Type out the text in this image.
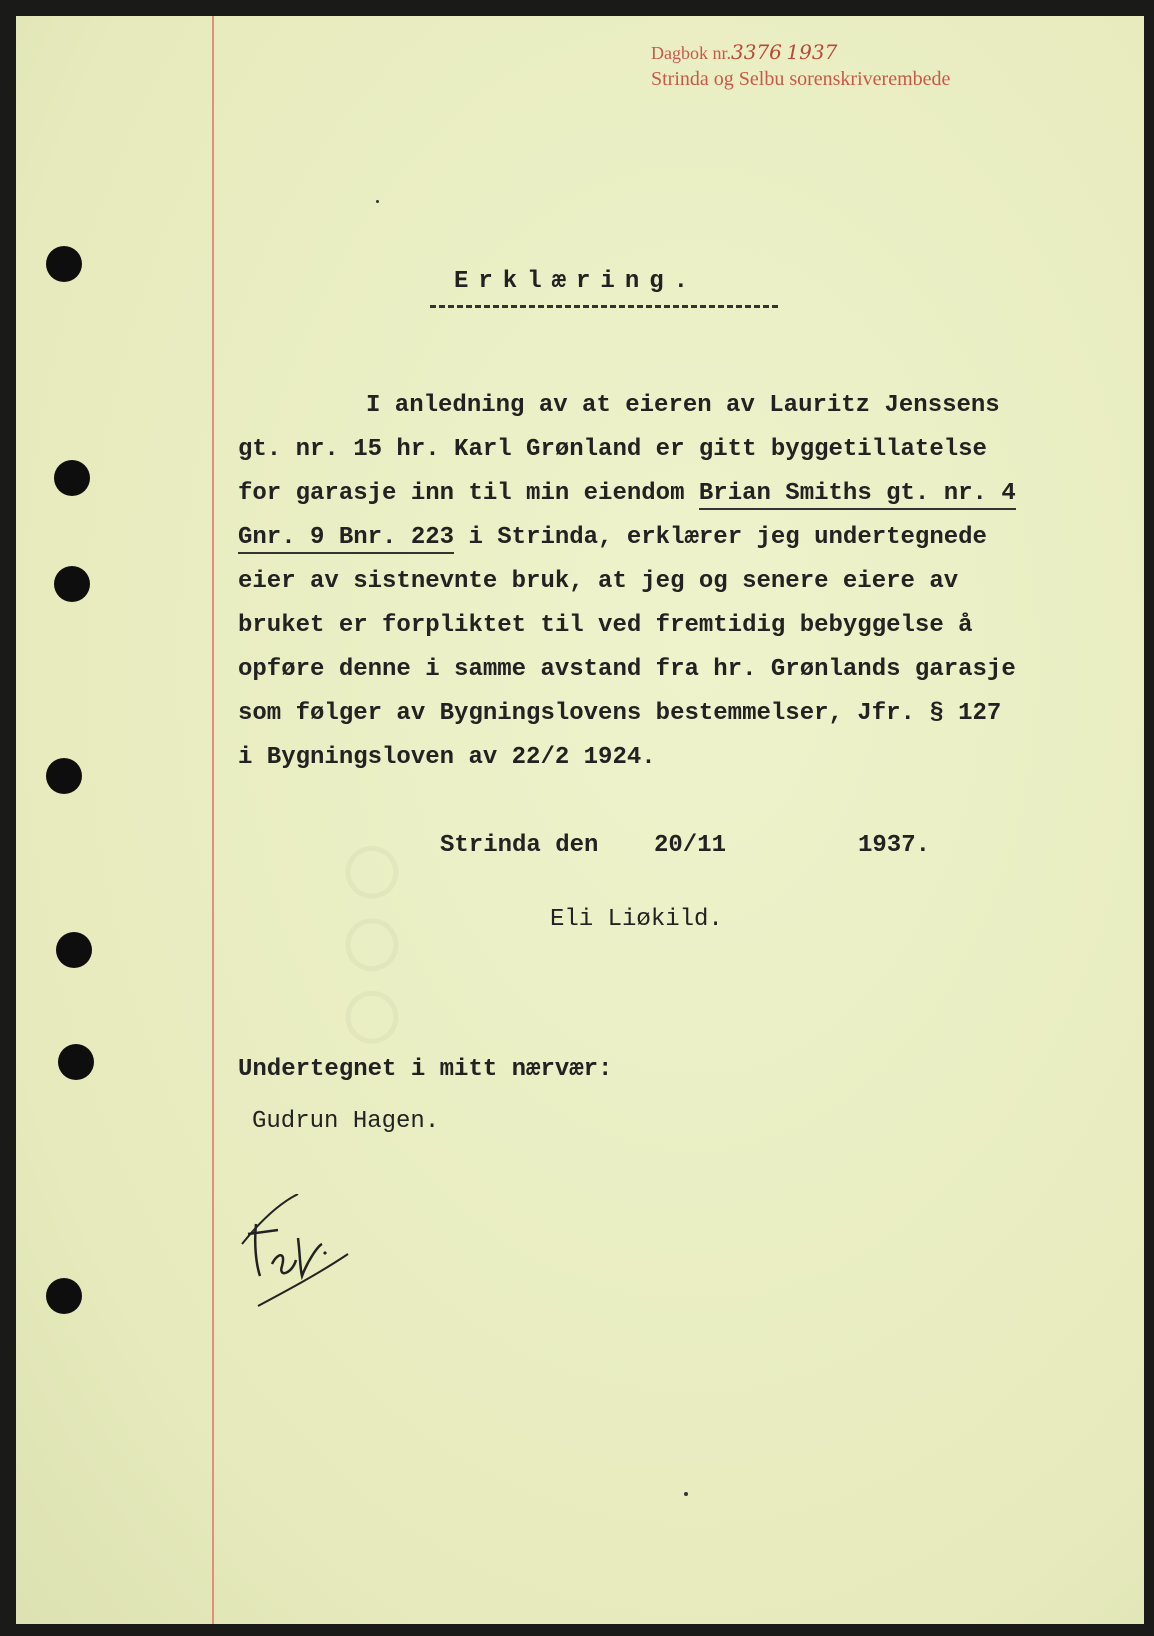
○○○
Dagbok nr.3376 1937
Strinda og Selbu sorenskriverembede
Erklæring.
I anledning av at eieren av Lauritz Jenssens
gt. nr. 15 hr. Karl Grønland er gitt byggetillatelse
for garasje inn til min eiendom Brian Smiths gt. nr. 4
Gnr. 9 Bnr. 223 i Strinda, erklærer jeg undertegnede
eier av sistnevnte bruk, at jeg og senere eiere av
bruket er forpliktet til ved fremtidig bebyggelse å
opføre denne i samme avstand fra hr. Grønlands garasje
som følger av Bygningslovens bestemmelser, Jfr. § 127
i Bygningsloven av 22/2 1924.
Strinda den 20/11	1937.
Eli Liøkild.
Undertegnet i mitt nærvær:
Gudrun Hagen.
